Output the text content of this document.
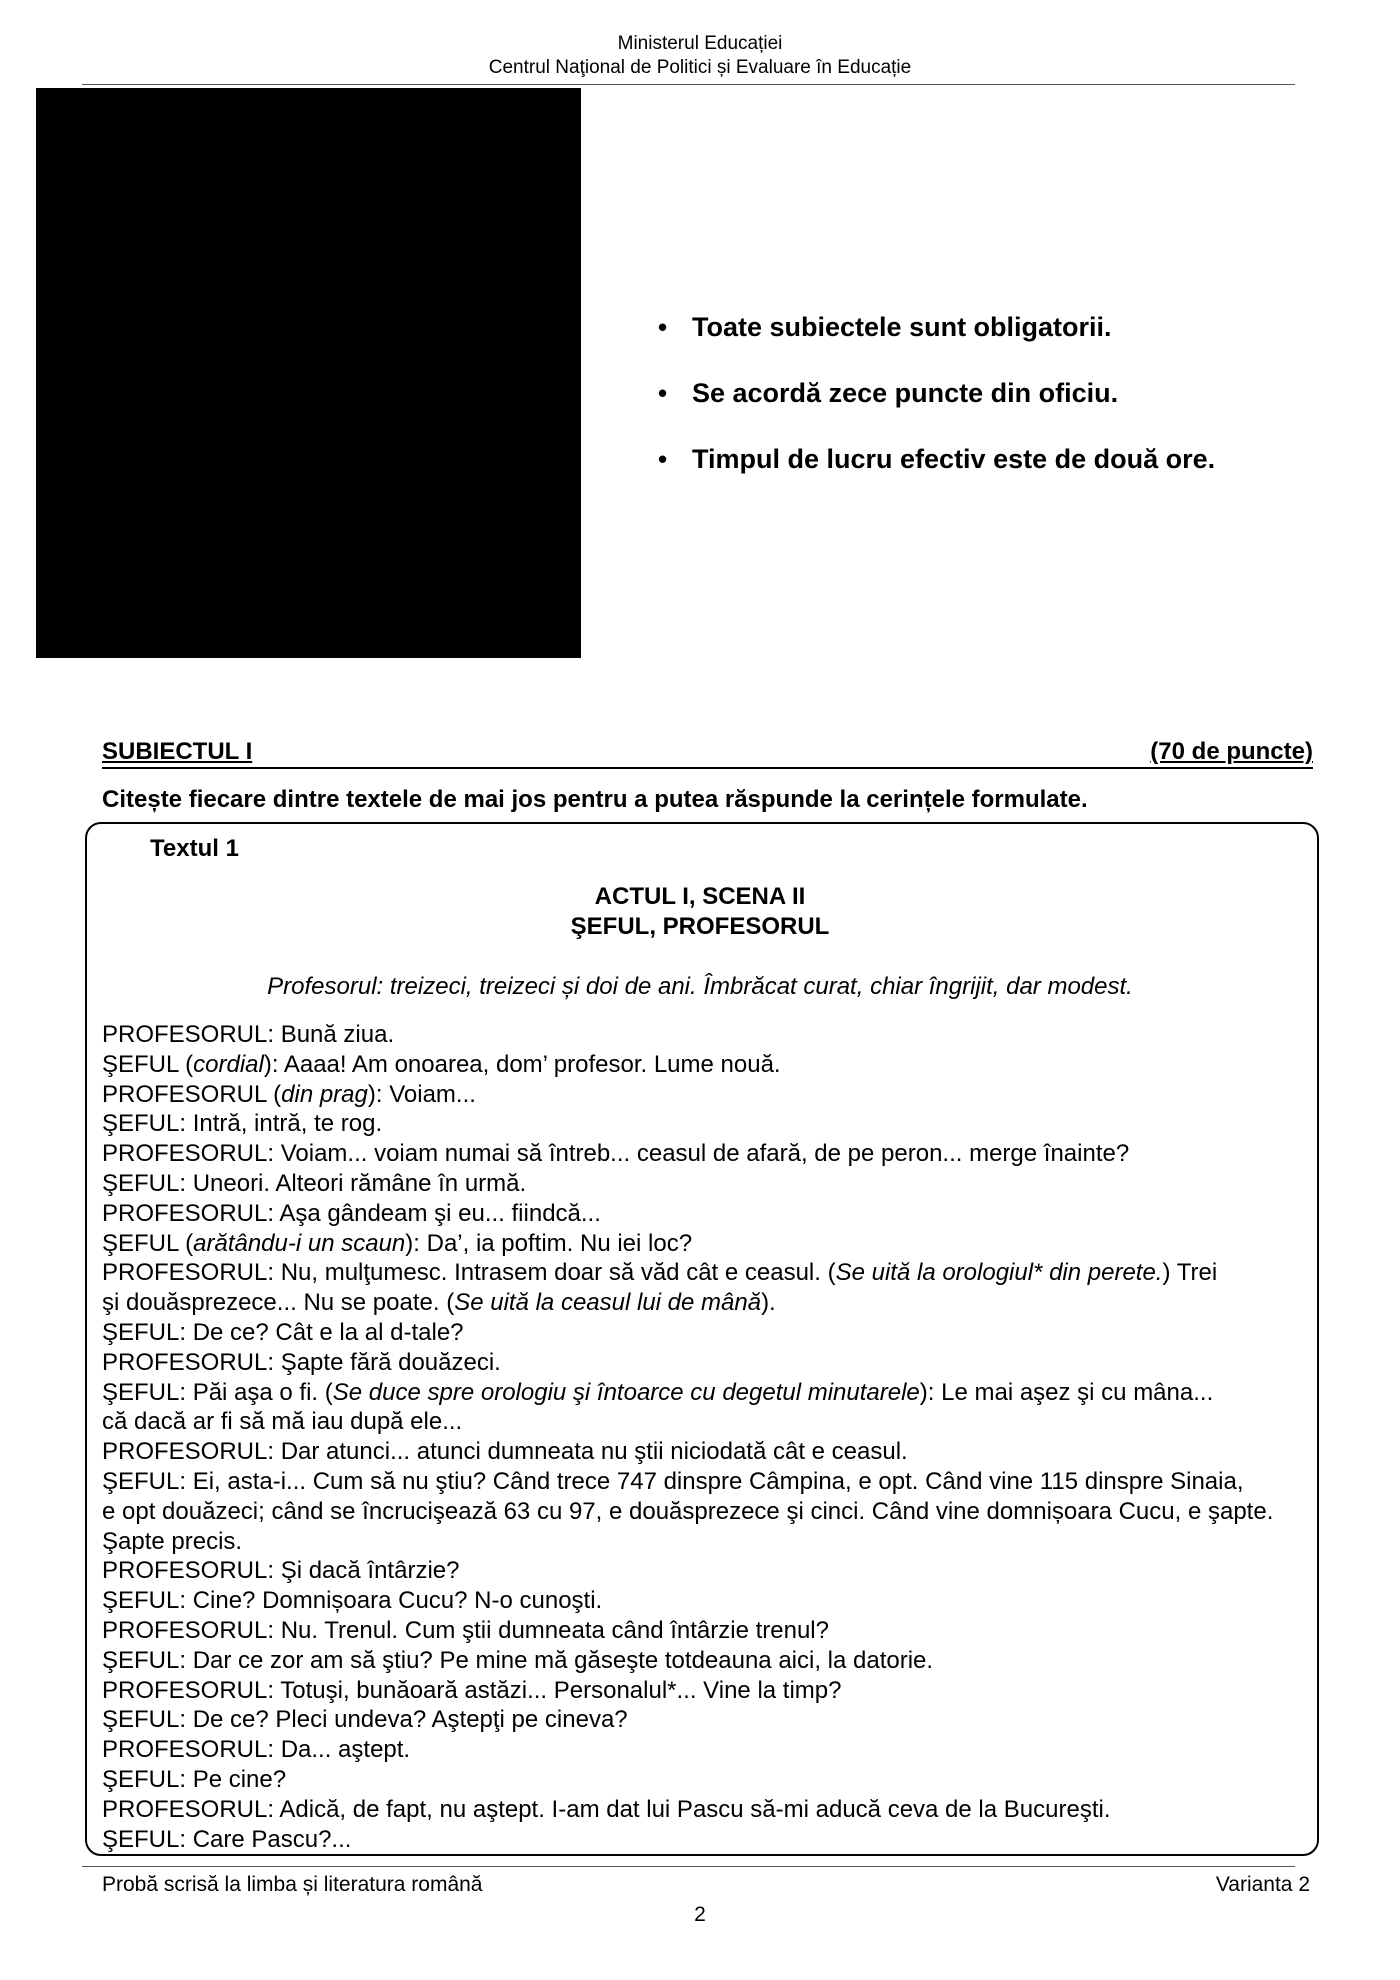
Ministerul Educației
Centrul Naţional de Politici și Evaluare în Educație
• Toate subiectele sunt obligatorii.
• Se acordă zece puncte din oficiu.
• Timpul de lucru efectiv este de două ore.
SUBIECTUL I	(70 de puncte)
Citește fiecare dintre textele de mai jos pentru a putea răspunde la cerințele formulate.
Textul 1
ACTUL I, SCENA II
ŞEFUL, PROFESORUL
Profesorul: treizeci, treizeci și doi de ani. Îmbrăcat curat, chiar îngrijit, dar modest.
PROFESORUL: Bună ziua.
ŞEFUL (cordial): Aaaa! Am onoarea, dom’ profesor. Lume nouă.
PROFESORUL (din prag): Voiam...
ŞEFUL: Intră, intră, te rog.
PROFESORUL: Voiam... voiam numai să întreb... ceasul de afară, de pe peron... merge înainte?
ŞEFUL: Uneori. Alteori rămâne în urmă.
PROFESORUL: Aşa gândeam şi eu... fiindcă...
ŞEFUL (arătându-i un scaun): Da’, ia poftim. Nu iei loc?
PROFESORUL: Nu, mulţumesc. Intrasem doar să văd cât e ceasul. (Se uită la orologiul* din perete.) Trei
şi douăsprezece... Nu se poate. (Se uită la ceasul lui de mână).
ŞEFUL: De ce? Cât e la al d-tale?
PROFESORUL: Şapte fără douăzeci.
ŞEFUL: Păi aşa o fi. (Se duce spre orologiu şi întoarce cu degetul minutarele): Le mai aşez şi cu mâna...
că dacă ar fi să mă iau după ele...
PROFESORUL: Dar atunci... atunci dumneata nu ştii niciodată cât e ceasul.
ŞEFUL: Ei, asta-i... Cum să nu ştiu? Când trece 747 dinspre Câmpina, e opt. Când vine 115 dinspre Sinaia,
e opt douăzeci; când se încrucişează 63 cu 97, e douăsprezece şi cinci. Când vine domnișoara Cucu, e şapte.
Şapte precis.
PROFESORUL: Şi dacă întârzie?
ŞEFUL: Cine? Domnișoara Cucu? N-o cunoşti.
PROFESORUL: Nu. Trenul. Cum ştii dumneata când întârzie trenul?
ŞEFUL: Dar ce zor am să ştiu? Pe mine mă găseşte totdeauna aici, la datorie.
PROFESORUL: Totuşi, bunăoară astăzi... Personalul*... Vine la timp?
ŞEFUL: De ce? Pleci undeva? Aştepţi pe cineva?
PROFESORUL: Da... aştept.
ŞEFUL: Pe cine?
PROFESORUL: Adică, de fapt, nu aştept. I-am dat lui Pascu să-mi aducă ceva de la Bucureşti.
ŞEFUL: Care Pascu?...
Probă scrisă la limba și literatura română	Varianta 2
2
